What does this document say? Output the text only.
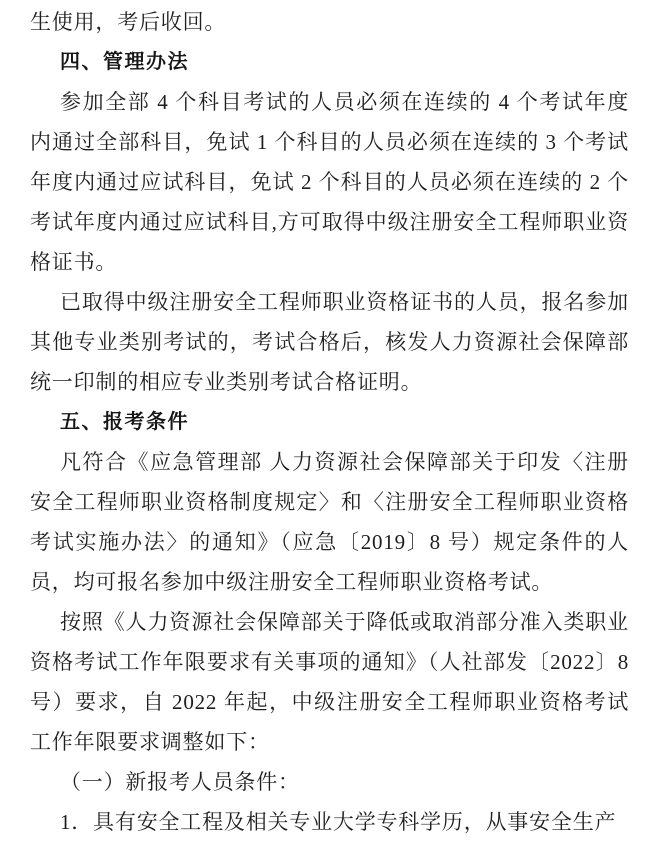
生使用，考后收回。

四、管理办法

参加全部 4 个科目考试的人员必须在连续的 4 个考试年度内通过全部科目，免试 1 个科目的人员必须在连续的 3 个考试年度内通过应试科目，免试 2 个科目的人员必须在连续的 2 个考试年度内通过应试科目,方可取得中级注册安全工程师职业资格证书。

已取得中级注册安全工程师职业资格证书的人员，报名参加其他专业类别考试的，考试合格后，核发人力资源社会保障部统一印制的相应专业类别考试合格证明。

五、报考条件

凡符合《应急管理部 人力资源社会保障部关于印发〈注册安全工程师职业资格制度规定〉和〈注册安全工程师职业资格考试实施办法〉的通知》（应急〔2019〕8 号）规定条件的人员，均可报名参加中级注册安全工程师职业资格考试。

按照《人力资源社会保障部关于降低或取消部分准入类职业资格考试工作年限要求有关事项的通知》（人社部发〔2022〕8 号）要求，自 2022 年起，中级注册安全工程师职业资格考试工作年限要求调整如下：

（一）新报考人员条件：

1．具有安全工程及相关专业大学专科学历，从事安全生产
